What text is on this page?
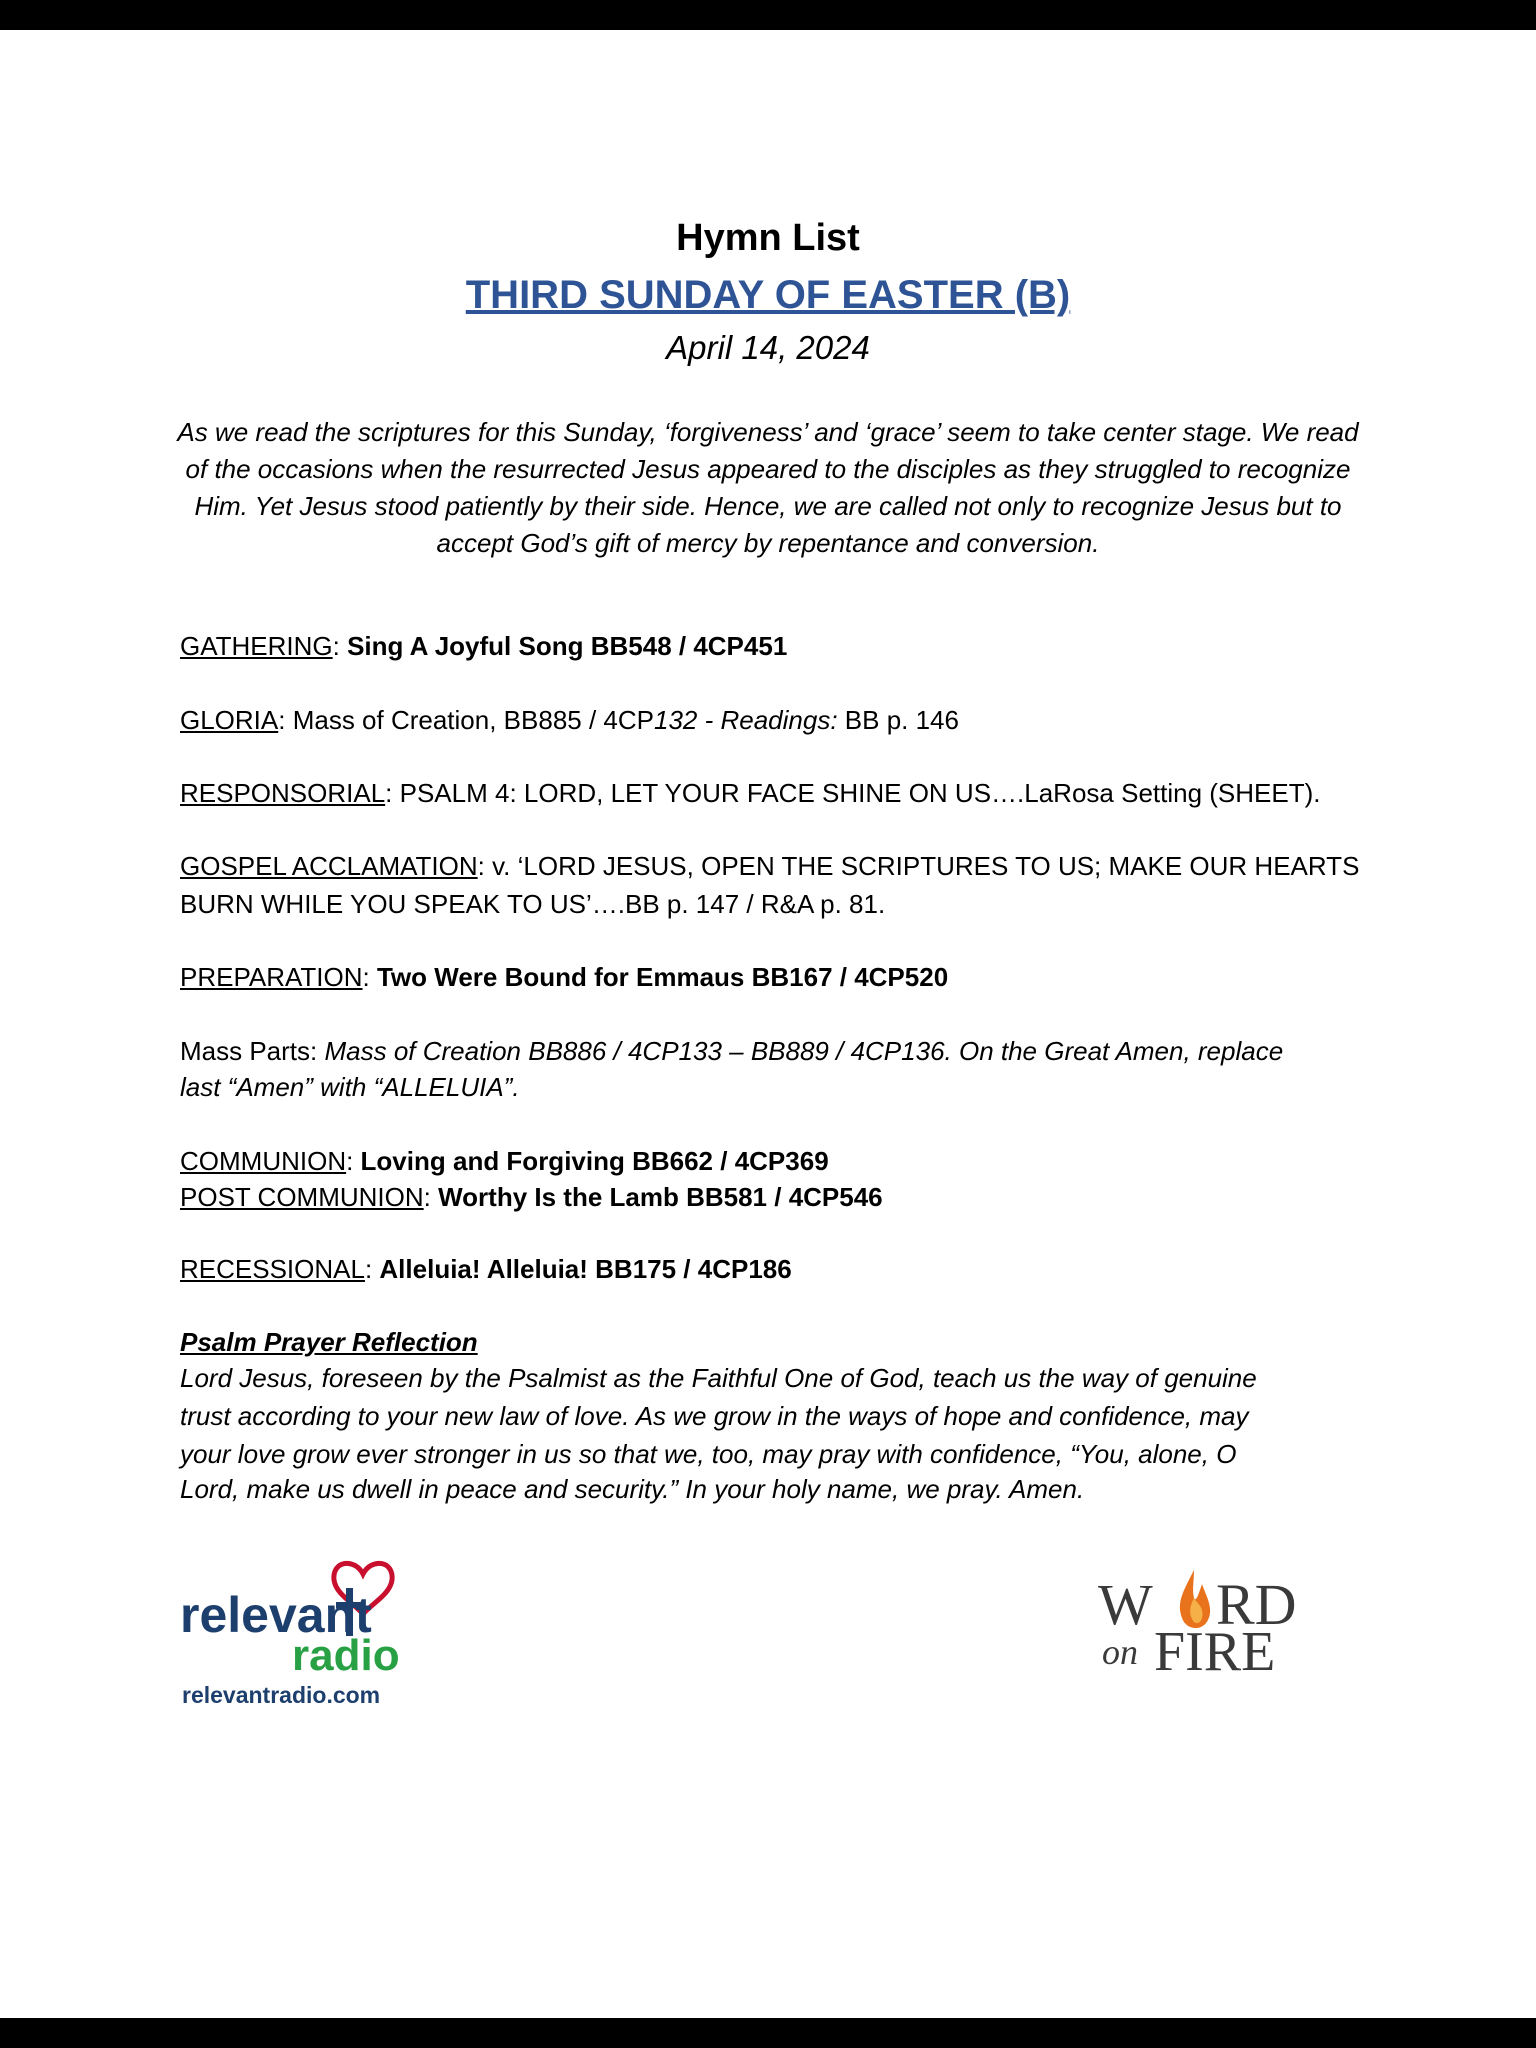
Hymn List
THIRD SUNDAY OF EASTER (B)
April 14, 2024
As we read the scriptures for this Sunday, ‘forgiveness’ and ‘grace’ seem to take center stage. We read of the occasions when the resurrected Jesus appeared to the disciples as they struggled to recognize Him. Yet Jesus stood patiently by their side. Hence, we are called not only to recognize Jesus but to accept God’s gift of mercy by repentance and conversion.
GATHERING: Sing A Joyful Song BB548 / 4CP451
GLORIA: Mass of Creation, BB885 / 4CP132 - Readings: BB p. 146
RESPONSORIAL: PSALM 4: LORD, LET YOUR FACE SHINE ON US….LaRosa Setting (SHEET).
GOSPEL ACCLAMATION: v. ‘LORD JESUS, OPEN THE SCRIPTURES TO US; MAKE OUR HEARTS
BURN WHILE YOU SPEAK TO US’….BB p. 147 / R&A p. 81.
PREPARATION: Two Were Bound for Emmaus BB167 / 4CP520
Mass Parts: Mass of Creation BB886 / 4CP133 – BB889 / 4CP136. On the Great Amen, replace
last “Amen” with “ALLELUIA”.
COMMUNION: Loving and Forgiving BB662 / 4CP369
POST COMMUNION: Worthy Is the Lamb BB581 / 4CP546
RECESSIONAL: Alleluia! Alleluia! BB175 / 4CP186
Psalm Prayer Reflection
Lord Jesus, foreseen by the Psalmist as the Faithful One of God, teach us the way of genuine
trust according to your new law of love. As we grow in the ways of hope and confidence, may
your love grow ever stronger in us so that we, too, may pray with confidence, “You, alone, O
Lord, make us dwell in peace and security.” In your holy name, we pray. Amen.
relevant
radio
relevantradio.com
W RD
on FIRE
